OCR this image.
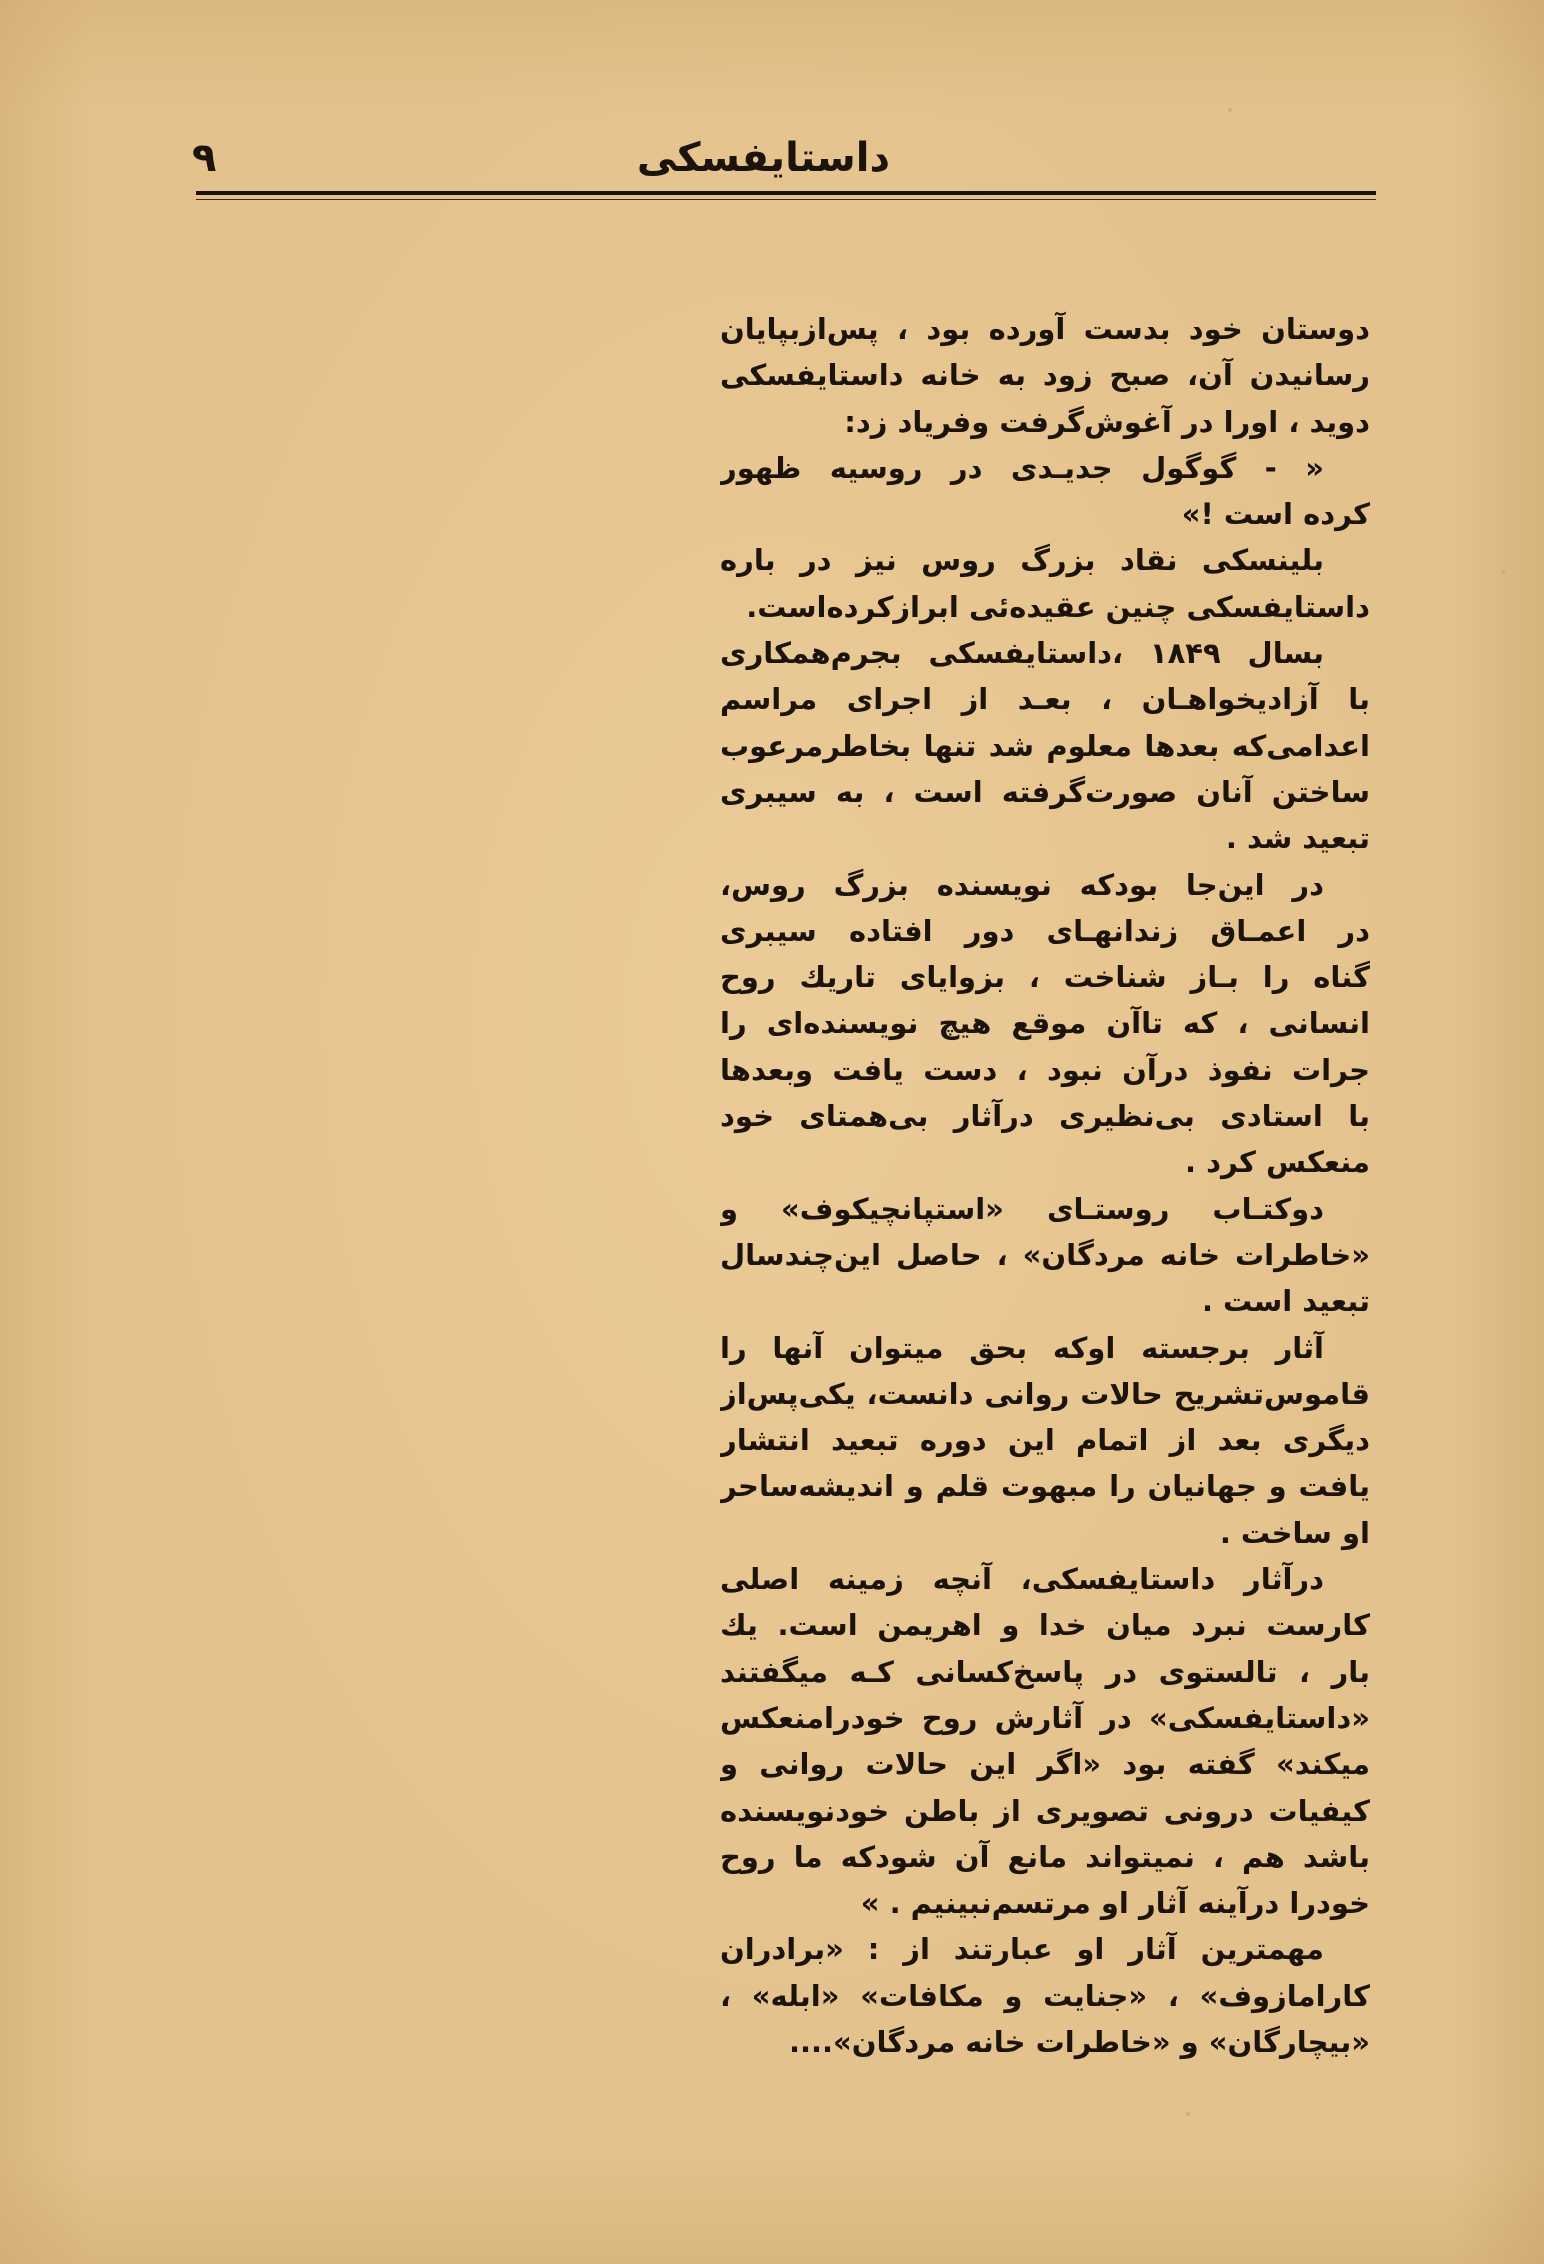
داستایفسکی
۹
دوستان خود بدست آورده بود ، پس‌ازبپایان
رسانیدن آن، صبح زود به خانه داستایفسکی
دوید ، اورا در آغوش‌گرفت وفریاد زد:
« - گوگول جدیـدی در روسیه ظهور
کرده است !»
بلینسکی نقاد بزرگ روس نیز در باره
داستایفسکی چنین عقیده‌ئی ابرازکرده‌است.
بسال ۱۸۴۹ ،داستایفسکی بجرم‌همکاری
با آزادیخواهـان ، بعـد از اجرای مراسم
اعدامی‌که بعدها معلوم شد تنها بخاطرمرعوب
ساختن آنان صورت‌گرفته است ، به سیبری
تبعید شد .
در این‌جا بودکه نویسنده بزرگ روس،
در اعمـاق زندانهـای دور افتاده سیبری
گناه را بـاز شناخت ، بزوایای تاریك روح
انسانی ، که تاآن موقع هیچ نویسنده‌ای را
جرات نفوذ درآن نبود ، دست یافت وبعدها
با استادی بی‌نظیری درآثار بی‌همتای خود
منعکس کرد .
دوکتـاب روستـای «استپانچیکوف» و
«خاطرات خانه مردگان» ، حاصل این‌چندسال
تبعید است .
آثار برجسته اوکه بحق میتوان آنها را
قاموس‌تشریح حالات روانی دانست، یکی‌پس‌از
دیگری بعد از اتمام این دوره تبعید انتشار
یافت و جهانیان را مبهوت قلم و اندیشه‌ساحر
او ساخت .
درآثار داستایفسکی، آنچه زمینه اصلی
کارست نبرد میان خدا و اهریمن است. یك
بار ، تالستوی در پاسخ‌کسانی کـه میگفتند
«داستایفسکی» در آثارش روح خودرامنعکس
میکند» گفته بود «اگر این حالات روانی و
کیفیات درونی تصویری از باطن خودنویسنده
باشد هم ، نمیتواند مانع آن شودکه ما روح
خودرا درآینه آثار او مرتسم‌نبینیم . »
مهمترین آثار او عبارتند از : «برادران
کارامازوف» ، «جنایت و مکافات» «ابله» ،
«بیچارگان» و «خاطرات خانه مردگان»....
